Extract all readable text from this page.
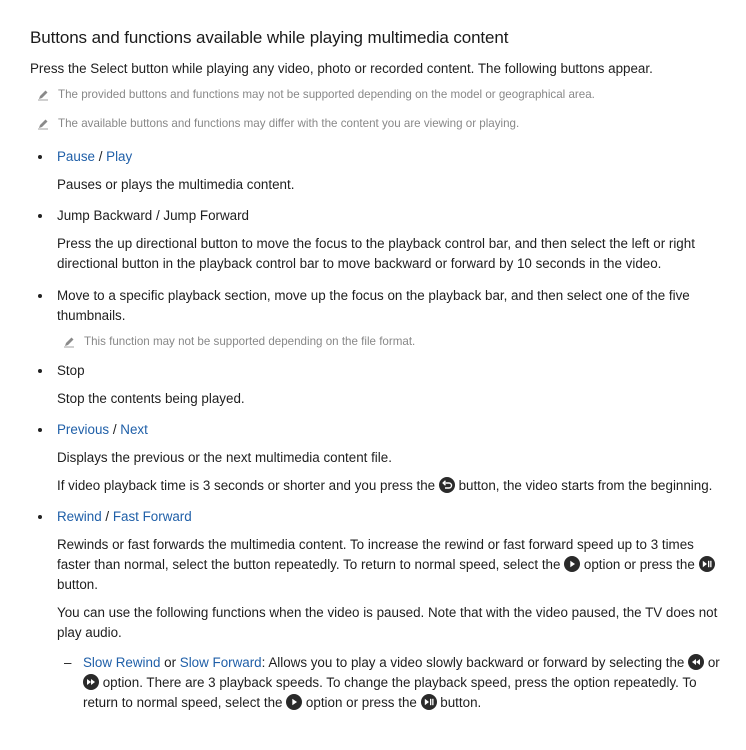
Buttons and functions available while playing multimedia content

Press the Select button while playing any video, photo or recorded content. The following buttons appear.

The provided buttons and functions may not be supported depending on the model or geographical area.
The available buttons and functions may differ with the content you are viewing or playing.
Pause / Play

Pauses or plays the multimedia content.

Jump Backward / Jump Forward

Press the up directional button to move the focus to the playback control bar, and then select the left or right directional button in the playback control bar to move backward or forward by 10 seconds in the video.

Move to a specific playback section, move up the focus on the playback bar, and then select one of the five thumbnails.
This function may not be supported depending on the file format.
Stop

Stop the contents being played.

Previous / Next

Displays the previous or the next multimedia content file.

If video playback time is 3 seconds or shorter and you press the
button, the video starts from the beginning.

Rewind / Fast Forward

Rewinds or fast forwards the multimedia content. To increase the rewind or fast forward speed up to 3 times faster than normal, select the button repeatedly. To return to normal speed, select the
option or press the
button.

You can use the following functions when the video is paused. Note that with the video paused, the TV does not play audio.

– Slow Rewind or Slow Forward: Allows you to play a video slowly backward or forward by selecting the
or
option. There are 3 playback speeds. To change the playback speed, press the option repeatedly. To return to normal speed, select the
option or press the
button.
